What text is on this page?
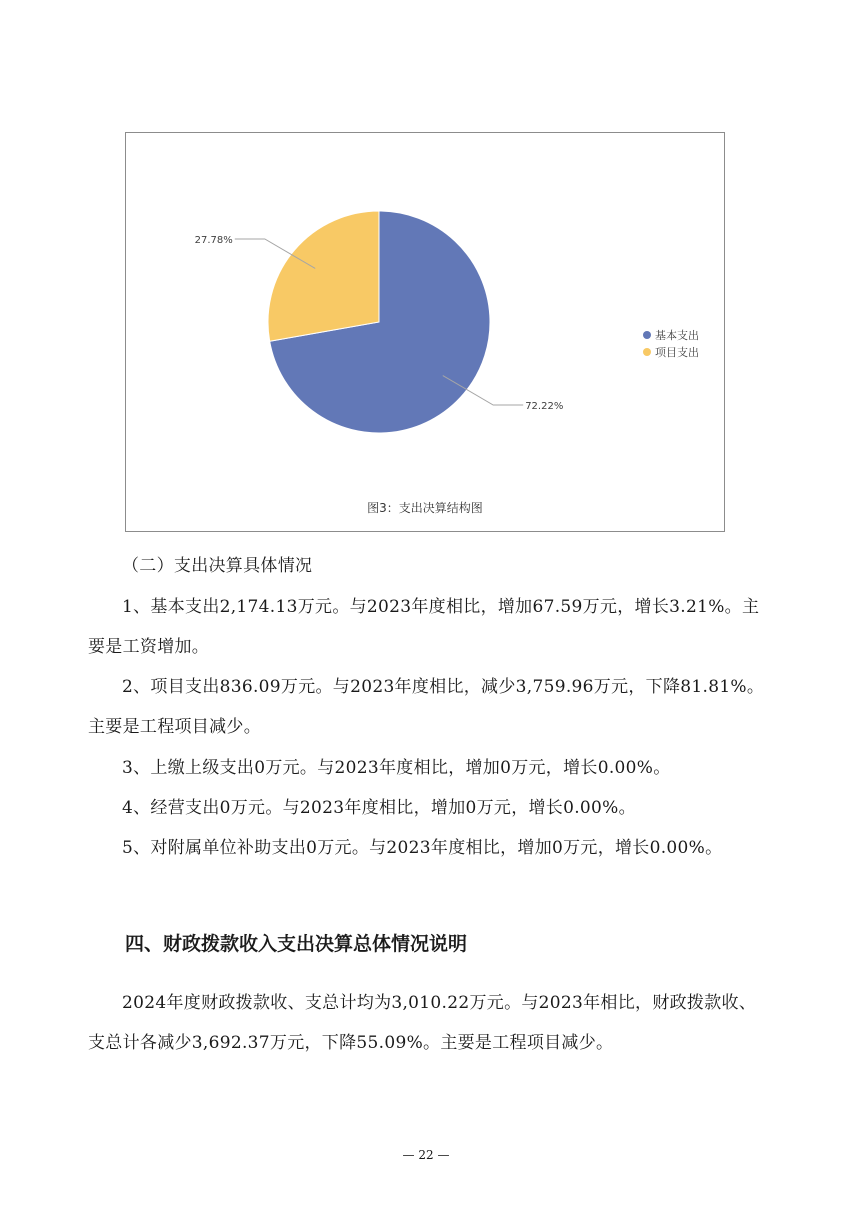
72.22%
27.78%
基本支出
项目支出
图3：支出决算结构图

（二）支出决算具体情况

1、基本支出2,174.13万元。与2023年度相比，增加67.59万元，增长3.21%。主要是工资增加。

2、项目支出836.09万元。与2023年度相比，减少3,759.96万元，下降81.81%。主要是工程项目减少。

3、上缴上级支出0万元。与2023年度相比，增加0万元，增长0.00%。

4、经营支出0万元。与2023年度相比，增加0万元，增长0.00%。

5、对附属单位补助支出0万元。与2023年度相比，增加0万元，增长0.00%。

四、财政拨款收入支出决算总体情况说明

2024年度财政拨款收、支总计均为3,010.22万元。与2023年相比，财政拨款收、支总计各减少3,692.37万元，下降55.09%。主要是工程项目减少。

— 22 —
